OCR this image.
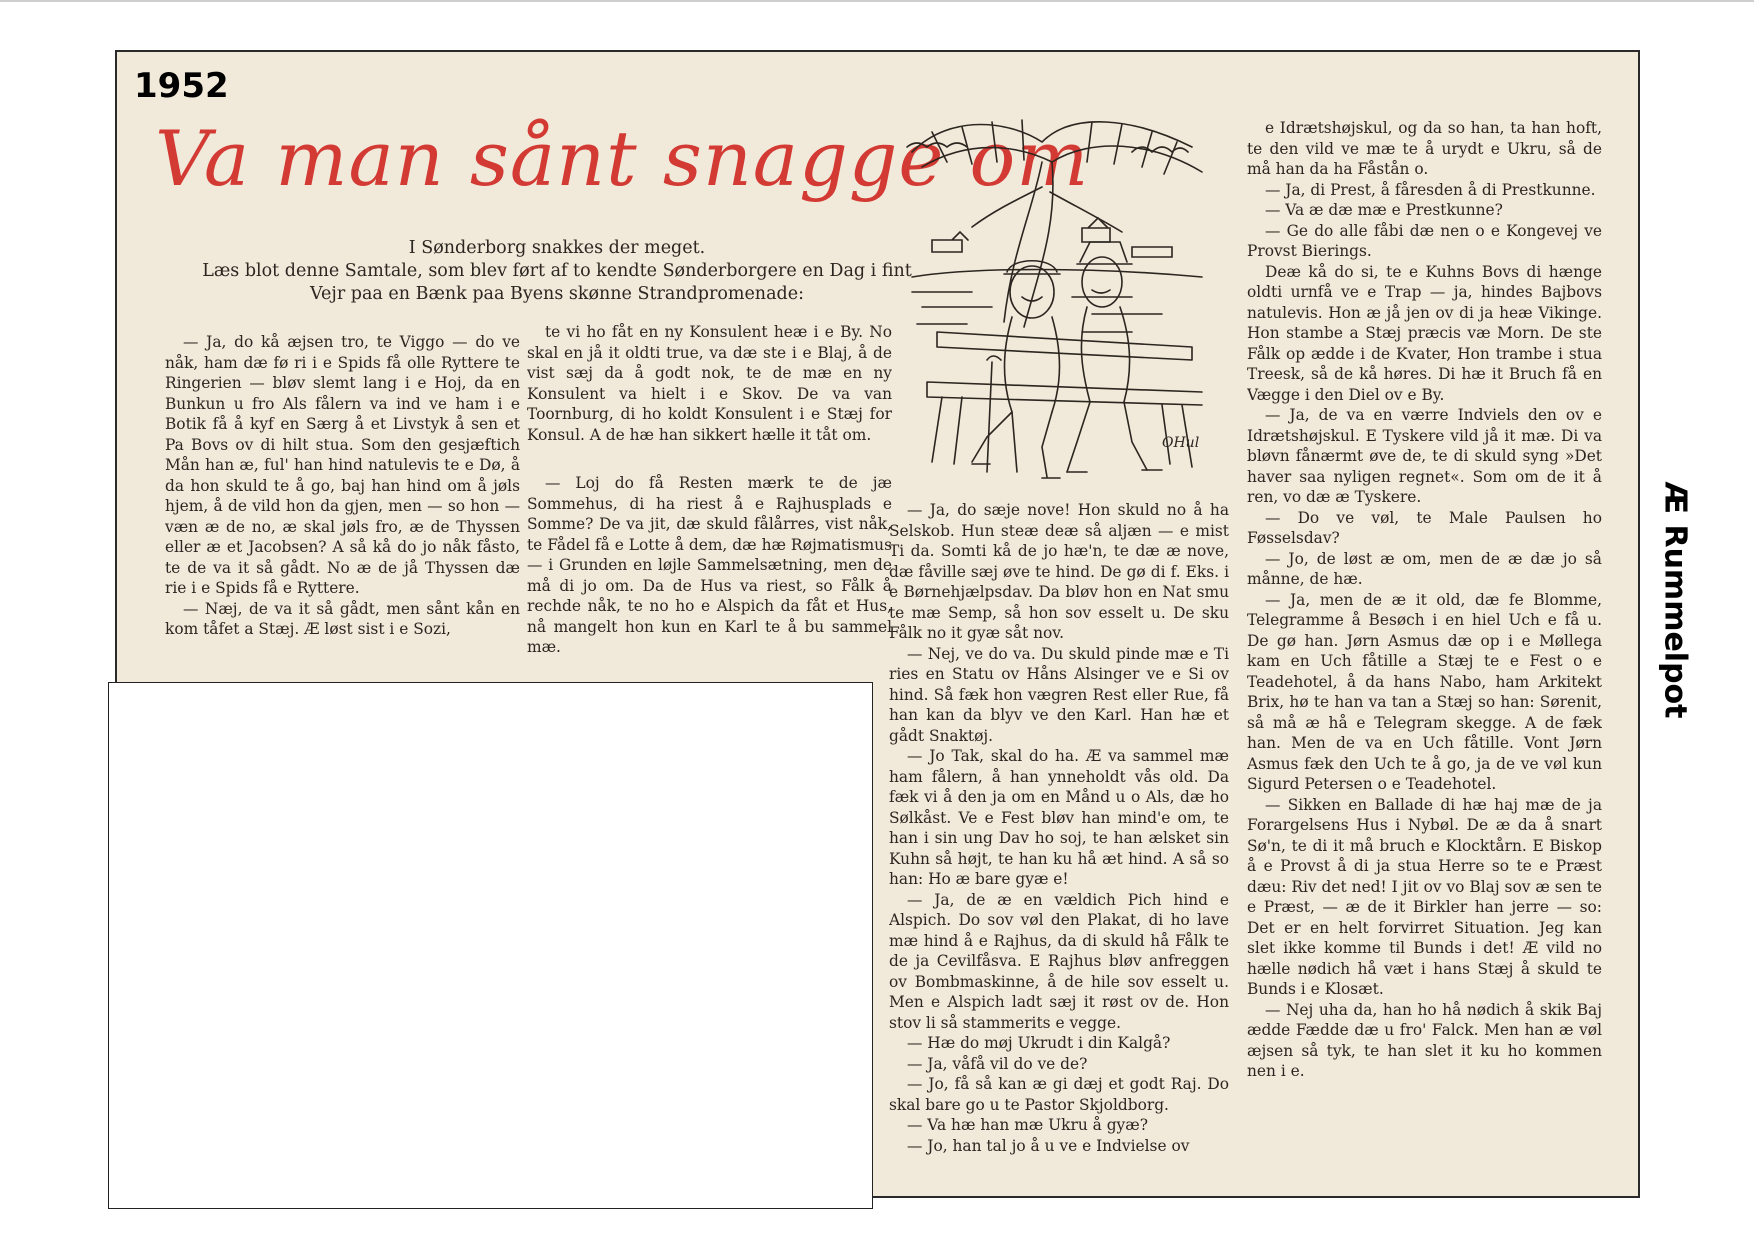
1952
Va man sånt snagge om
I Sønderborg snakkes der meget.
Læs blot denne Samtale, som blev ført af to kendte Sønderborgere en Dag i fint
Vejr paa en Bænk paa Byens skønne Strandpromenade:

— Ja, do kå æjsen tro, te Viggo — do ve nåk, ham dæ fø ri i e Spids få olle Ryttere te Ringerien — bløv slemt lang i e Hoj, da en Bunkun u fro Als fålern va ind ve ham i e Botik få å kyf en Særg å et Livstyk å sen et Pa Bovs ov di hilt stua. Som den gesjæftich Mån han æ, ful' han hind natulevis te e Dø, å da hon skuld te å go, baj han hind om å jøls hjem, å de vild hon da gjen, men — so hon — væn æ de no, æ skal jøls fro, æ de Thyssen eller æ et Jacobsen? A så kå do jo nåk fåsto, te de va it så gådt. No æ de jå Thyssen dæ rie i e Spids få e Ryttere.

— Næj, de va it så gådt, men sånt kån en kom tåfet a Stæj. Æ løst sist i e Sozi,

te vi ho fåt en ny Konsulent heæ i e By. No skal en jå it oldti true, va dæ ste i e Blaj, å de vist sæj da å godt nok, te de mæ en ny Konsulent va hielt i e Skov. De va van Toornburg, di ho koldt Konsulent i e Stæj for Konsul. A de hæ han sikkert hælle it tåt om.

— Loj do få Resten mærk te de jæ Sommehus, di ha riest å e Rajhusplads e Somme? De va jit, dæ skuld fålårres, vist nåk, te Fådel få e Lotte å dem, dæ hæ Røjmatismus — i Grunden en løjle Sammelsætning, men de må di jo om. Da de Hus va riest, so Fålk å rechde nåk, te no ho e Alspich da fåt et Hus, nå mangelt hon kun en Karl te å bu sammel mæ.

OHul

— Ja, do sæje nove! Hon skuld no å ha Selskob. Hun steæ deæ så aljæn — e mist Ti da. Somti kå de jo hæ'n, te dæ æ nove, dæ fåville sæj øve te hind. De gø di f. Eks. i e Børnehjælpsdav. Da bløv hon en Nat smu te mæ Semp, så hon sov esselt u. De sku Fålk no it gyæ såt nov.

— Nej, ve do va. Du skuld pinde mæ e Ti ries en Statu ov Håns Alsinger ve e Si ov hind. Så fæk hon vægren Rest eller Rue, få han kan da blyv ve den Karl. Han hæ et gådt Snaktøj.

— Jo Tak, skal do ha. Æ va sammel mæ ham fålern, å han ynneholdt vås old. Da fæk vi å den ja om en Månd u o Als, dæ ho Sølkåst. Ve e Fest bløv han mind'e om, te han i sin ung Dav ho soj, te han ælsket sin Kuhn så højt, te han ku hå æt hind. A så so han: Ho æ bare gyæ e!

— Ja, de æ en vældich Pich hind e Alspich. Do sov vøl den Plakat, di ho lave mæ hind å e Rajhus, da di skuld hå Fålk te de ja Cevilfåsva. E Rajhus bløv anfreggen ov Bombmaskinne, å de hile sov esselt u. Men e Alspich ladt sæj it røst ov de. Hon stov li så stammerits e vegge.

— Hæ do møj Ukrudt i din Kalgå?

— Ja, våfå vil do ve de?

— Jo, få så kan æ gi dæj et godt Raj. Do skal bare go u te Pastor Skjoldborg.

— Va hæ han mæ Ukru å gyæ?

— Jo, han tal jo å u ve e Indvielse ov

e Idrætshøjskul, og da so han, ta han hoft, te den vild ve mæ te å urydt e Ukru, så de må han da ha Fåstån o.

— Ja, di Prest, å fåresden å di Prestkunne.

— Va æ dæ mæ e Prestkunne?

— Ge do alle fåbi dæ nen o e Kongevej ve Provst Bierings.

Deæ kå do si, te e Kuhns Bovs di hænge oldti urnfå ve e Trap — ja, hindes Bajbovs natulevis. Hon æ jå jen ov di ja heæ Vikinge. Hon stambe a Stæj præcis væ Morn. De ste Fålk op ædde i de Kvater, Hon trambe i stua Treesk, så de kå høres. Di hæ it Bruch få en Vægge i den Diel ov e By.

— Ja, de va en værre Indviels den ov e Idrætshøjskul. E Tyskere vild jå it mæ. Di va bløvn fånærmt øve de, te di skuld syng »Det haver saa nyligen regnet«. Som om de it å ren, vo dæ æ Tyskere.

— Do ve vøl, te Male Paulsen ho Føsselsdav?

— Jo, de løst æ om, men de æ dæ jo så månne, de hæ.

— Ja, men de æ it old, dæ fe Blomme, Telegramme å Besøch i en hiel Uch e få u. De gø han. Jørn Asmus dæ op i e Møllega kam en Uch fåtille a Stæj te e Fest o e Teadehotel, å da hans Nabo, ham Arkitekt Brix, hø te han va tan a Stæj so han: Sørenit, så må æ hå e Telegram skegge. A de fæk han. Men de va en Uch fåtille. Vont Jørn Asmus fæk den Uch te å go, ja de ve vøl kun Sigurd Petersen o e Teadehotel.

— Sikken en Ballade di hæ haj mæ de ja Forargelsens Hus i Nybøl. De æ da å snart Sø'n, te di it må bruch e Klocktårn. E Biskop å e Provst å di ja stua Herre so te e Præst dæu: Riv det ned! I jit ov vo Blaj sov æ sen te e Præst, — æ de it Birkler han jerre — so: Det er en helt forvirret Situation. Jeg kan slet ikke komme til Bunds i det! Æ vild no hælle nødich hå væt i hans Stæj å skuld te Bunds i e Klosæt.

— Nej uha da, han ho hå nødich å skik Baj ædde Fædde dæ u fro' Falck. Men han æ vøl æjsen så tyk, te han slet it ku ho kommen nen i e.

Æ Rummelpot
